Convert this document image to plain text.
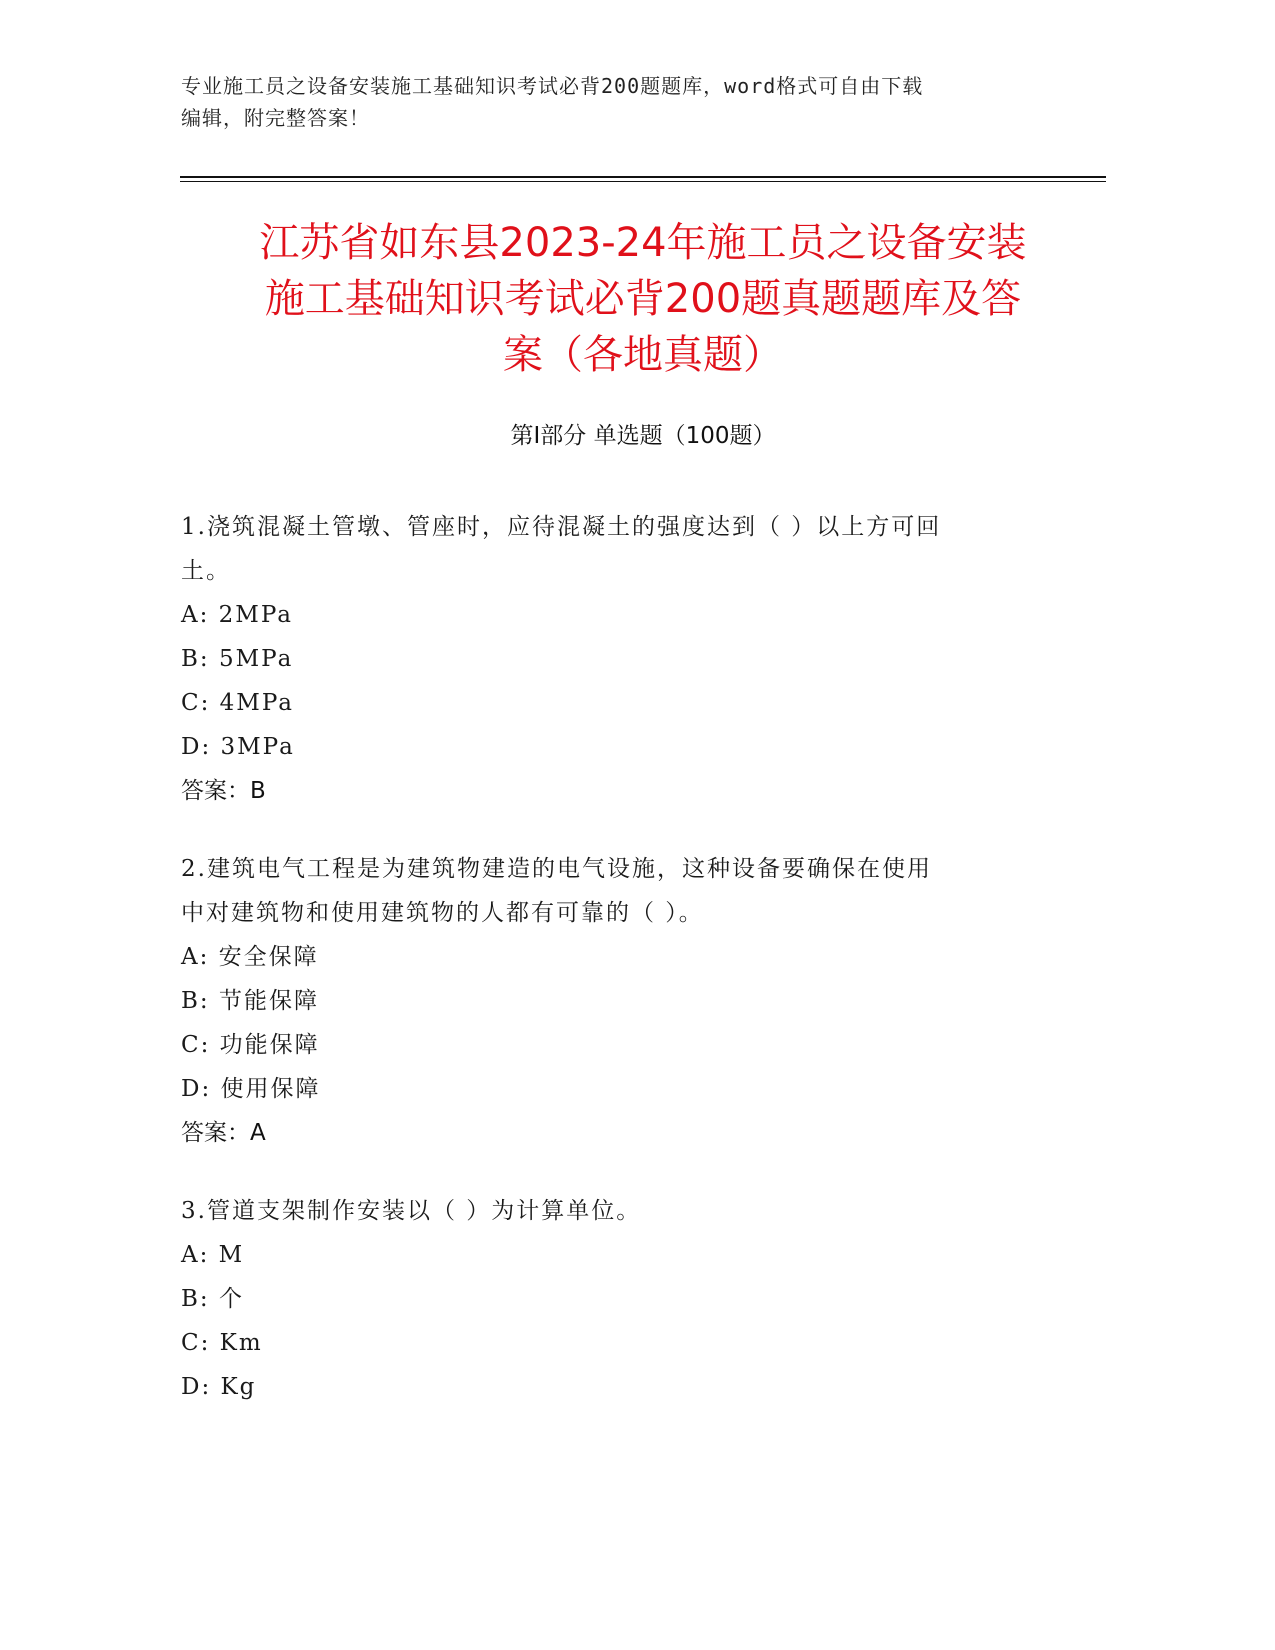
专业施工员之设备安装施工基础知识考试必背200题题库，word格式可自由下载
编辑，附完整答案！
江苏省如东县2023-24年施工员之设备安装
施工基础知识考试必背200题真题题库及答
案（各地真题）
第Ⅰ部分 单选题（100题）
1.浇筑混凝土管墩、管座时，应待混凝土的强度达到（ ）以上方可回
土。
A: 2MPa
B: 5MPa
C: 4MPa
D: 3MPa
答案：B
2.建筑电气工程是为建筑物建造的电气设施，这种设备要确保在使用
中对建筑物和使用建筑物的人都有可靠的（ ）。
A: 安全保障
B: 节能保障
C: 功能保障
D: 使用保障
答案：A
3.管道支架制作安装以（ ）为计算单位。
A: M
B: 个
C: Km
D: Kg
